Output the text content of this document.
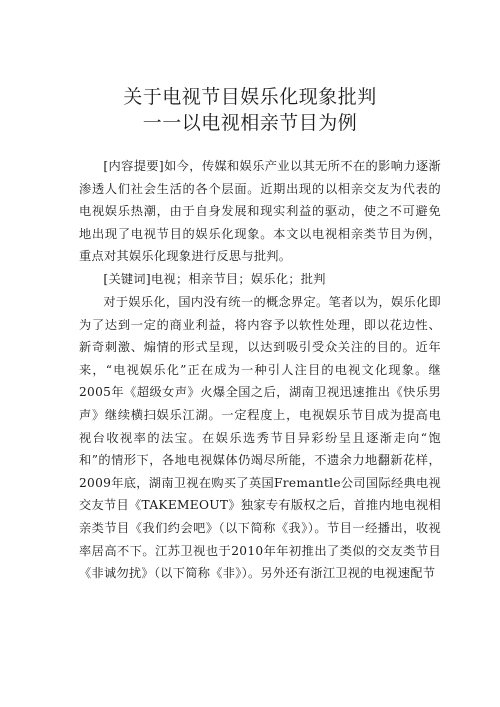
关于电视节目娱乐化现象批判
一一以电视相亲节目为例

[内容提要]如今，传媒和娱乐产业以其无所不在的影响力逐渐渗透人们社会生活的各个层面。近期出现的以相亲交友为代表的电视娱乐热潮，由于自身发展和现实利益的驱动，使之不可避免地出现了电视节目的娱乐化现象。本文以电视相亲类节目为例，重点对其娱乐化现象进行反思与批判。

[关键词]电视；相亲节目；娱乐化；批判

对于娱乐化，国内没有统一的概念界定。笔者以为，娱乐化即为了达到一定的商业利益，将内容予以软性处理，即以花边性、新奇刺激、煽情的形式呈现，以达到吸引受众关注的目的。近年来，“电视娱乐化”正在成为一种引人注目的电视文化现象。继2005年《超级女声》火爆全国之后，湖南卫视迅速推出《快乐男声》继续横扫娱乐江湖。一定程度上，电视娱乐节目成为提高电视台收视率的法宝。在娱乐选秀节目异彩纷呈且逐渐走向“饱和”的情形下，各地电视媒体仍竭尽所能，不遗余力地翻新花样，2009年底，湖南卫视在购买了英国Fremantle公司国际经典电视交友节目《TAKEMEOUT》独家专有版权之后，首推内地电视相亲类节目《我们约会吧》（以下简称《我》）。节目一经播出，收视率居高不下。江苏卫视也于2010年年初推出了类似的交友类节目《非诚勿扰》（以下简称《非》）。另外还有浙江卫视的电视速配节
